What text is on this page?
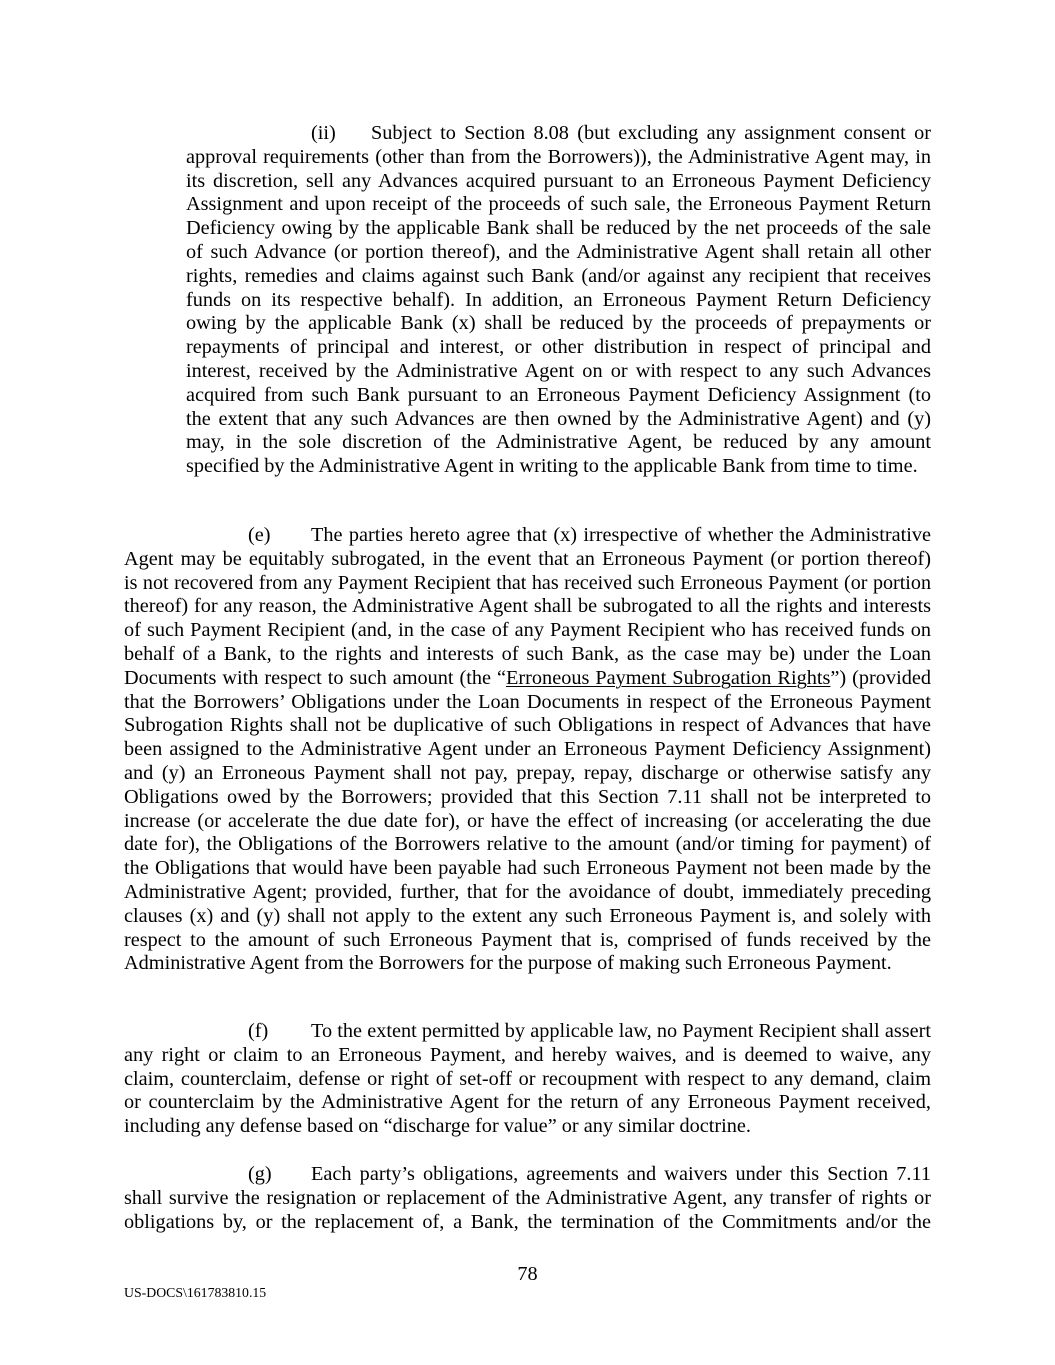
(ii) Subject to Section 8.08 (but excluding any assignment consent or
approval requirements (other than from the Borrowers)), the Administrative Agent may, in
its discretion, sell any Advances acquired pursuant to an Erroneous Payment Deficiency
Assignment and upon receipt of the proceeds of such sale, the Erroneous Payment Return
Deficiency owing by the applicable Bank shall be reduced by the net proceeds of the sale
of such Advance (or portion thereof), and the Administrative Agent shall retain all other
rights, remedies and claims against such Bank (and/or against any recipient that receives
funds on its respective behalf). In addition, an Erroneous Payment Return Deficiency
owing by the applicable Bank (x) shall be reduced by the proceeds of prepayments or
repayments of principal and interest, or other distribution in respect of principal and
interest, received by the Administrative Agent on or with respect to any such Advances
acquired from such Bank pursuant to an Erroneous Payment Deficiency Assignment (to
the extent that any such Advances are then owned by the Administrative Agent) and (y)
may, in the sole discretion of the Administrative Agent, be reduced by any amount
specified by the Administrative Agent in writing to the applicable Bank from time to time.
(e) The parties hereto agree that (x) irrespective of whether the Administrative
Agent may be equitably subrogated, in the event that an Erroneous Payment (or portion thereof)
is not recovered from any Payment Recipient that has received such Erroneous Payment (or portion
thereof) for any reason, the Administrative Agent shall be subrogated to all the rights and interests
of such Payment Recipient (and, in the case of any Payment Recipient who has received funds on
behalf of a Bank, to the rights and interests of such Bank, as the case may be) under the Loan
Documents with respect to such amount (the “Erroneous Payment Subrogation Rights”) (provided
that the Borrowers’ Obligations under the Loan Documents in respect of the Erroneous Payment
Subrogation Rights shall not be duplicative of such Obligations in respect of Advances that have
been assigned to the Administrative Agent under an Erroneous Payment Deficiency Assignment)
and (y) an Erroneous Payment shall not pay, prepay, repay, discharge or otherwise satisfy any
Obligations owed by the Borrowers; provided that this Section 7.11 shall not be interpreted to
increase (or accelerate the due date for), or have the effect of increasing (or accelerating the due
date for), the Obligations of the Borrowers relative to the amount (and/or timing for payment) of
the Obligations that would have been payable had such Erroneous Payment not been made by the
Administrative Agent; provided, further, that for the avoidance of doubt, immediately preceding
clauses (x) and (y) shall not apply to the extent any such Erroneous Payment is, and solely with
respect to the amount of such Erroneous Payment that is, comprised of funds received by the
Administrative Agent from the Borrowers for the purpose of making such Erroneous Payment.
(f) To the extent permitted by applicable law, no Payment Recipient shall assert
any right or claim to an Erroneous Payment, and hereby waives, and is deemed to waive, any
claim, counterclaim, defense or right of set-off or recoupment with respect to any demand, claim
or counterclaim by the Administrative Agent for the return of any Erroneous Payment received,
including any defense based on “discharge for value” or any similar doctrine.
(g) Each party’s obligations, agreements and waivers under this Section 7.11
shall survive the resignation or replacement of the Administrative Agent, any transfer of rights or
obligations by, or the replacement of, a Bank, the termination of the Commitments and/or the
78
US-DOCS\161783810.15
